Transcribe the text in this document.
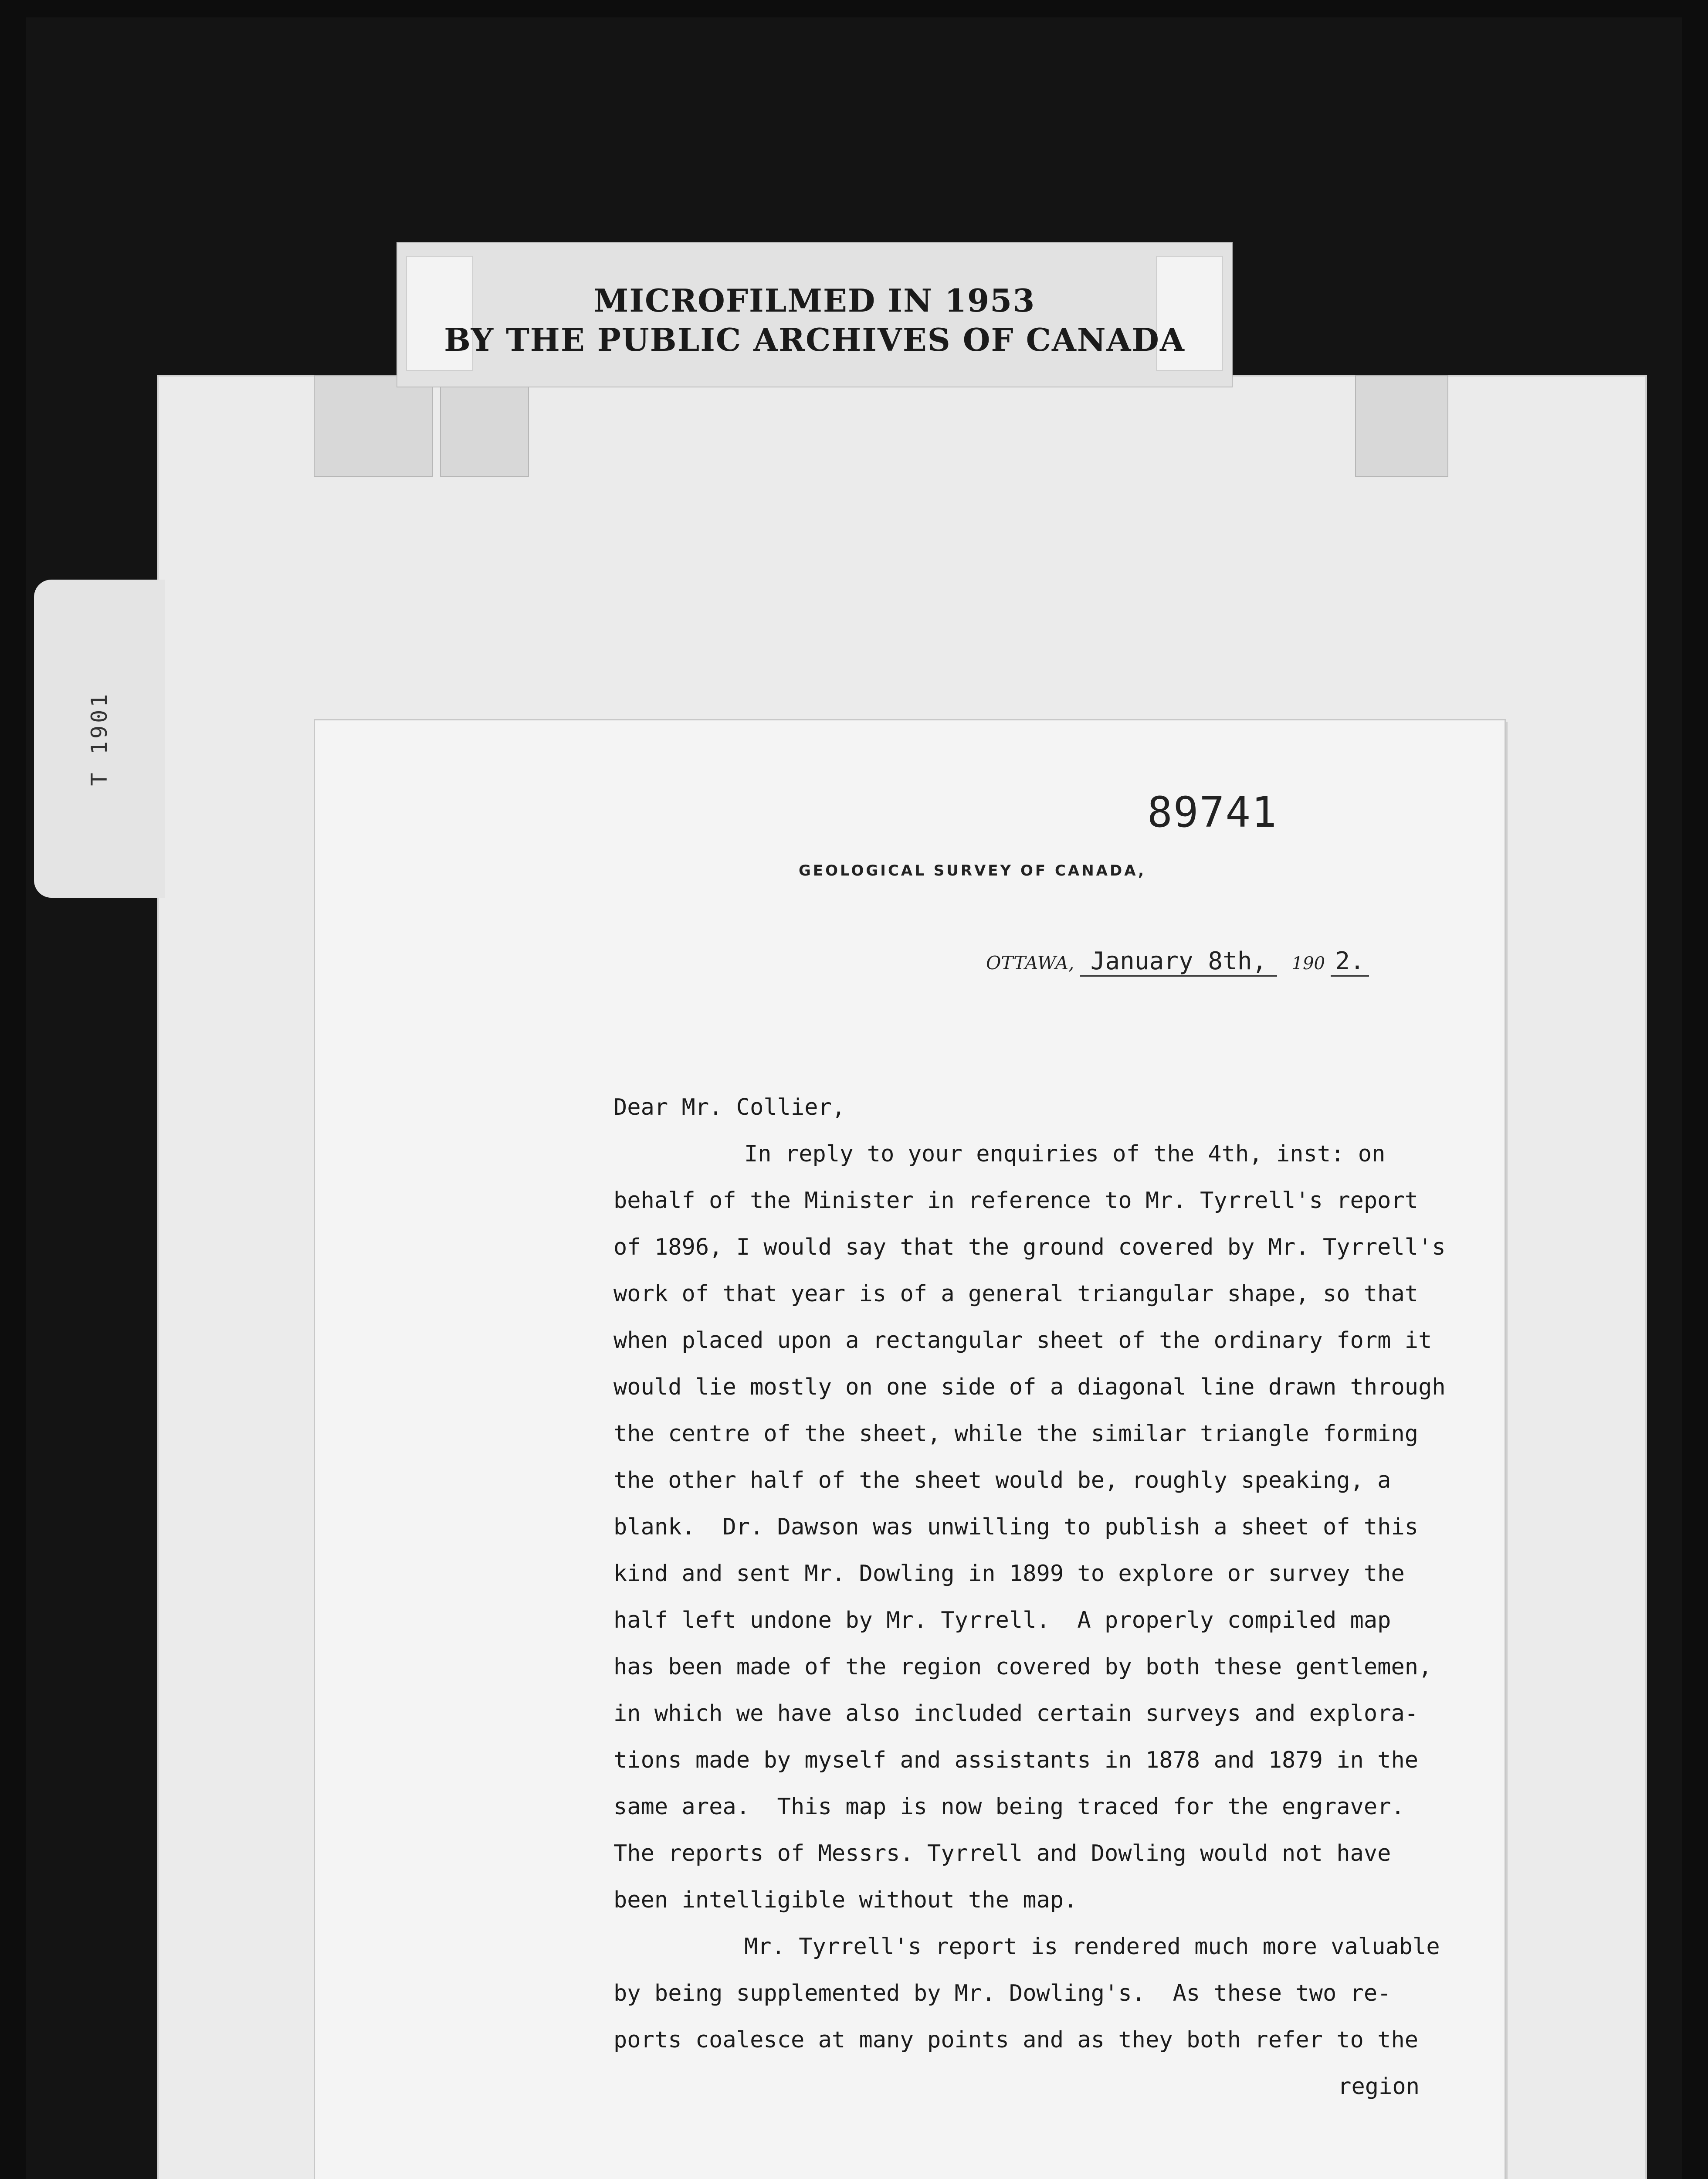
MICROFILMED IN 1953
BY THE PUBLIC ARCHIVES OF CANADA
T 1901
89741
GEOLOGICAL SURVEY OF CANADA,
OTTAWA, January 8th, 190 2.

Dear Mr. Collier,

In reply to your enquiries of the 4th, inst: on

behalf of the Minister in reference to Mr. Tyrrell's report

of 1896, I would say that the ground covered by Mr. Tyrrell's

work of that year is of a general triangular shape, so that

when placed upon a rectangular sheet of the ordinary form it

would lie mostly on one side of a diagonal line drawn through

the centre of the sheet, while the similar triangle forming

the other half of the sheet would be, roughly speaking, a

blank.  Dr. Dawson was unwilling to publish a sheet of this

kind and sent Mr. Dowling in 1899 to explore or survey the

half left undone by Mr. Tyrrell.  A properly compiled map

has been made of the region covered by both these gentlemen,

in which we have also included certain surveys and explora-

tions made by myself and assistants in 1878 and 1879 in the

same area.  This map is now being traced for the engraver.

The reports of Messrs. Tyrrell and Dowling would not have

been intelligible without the map.

Mr. Tyrrell's report is rendered much more valuable

by being supplemented by Mr. Dowling's.  As these two re-

ports coalesce at many points and as they both refer to the

region
